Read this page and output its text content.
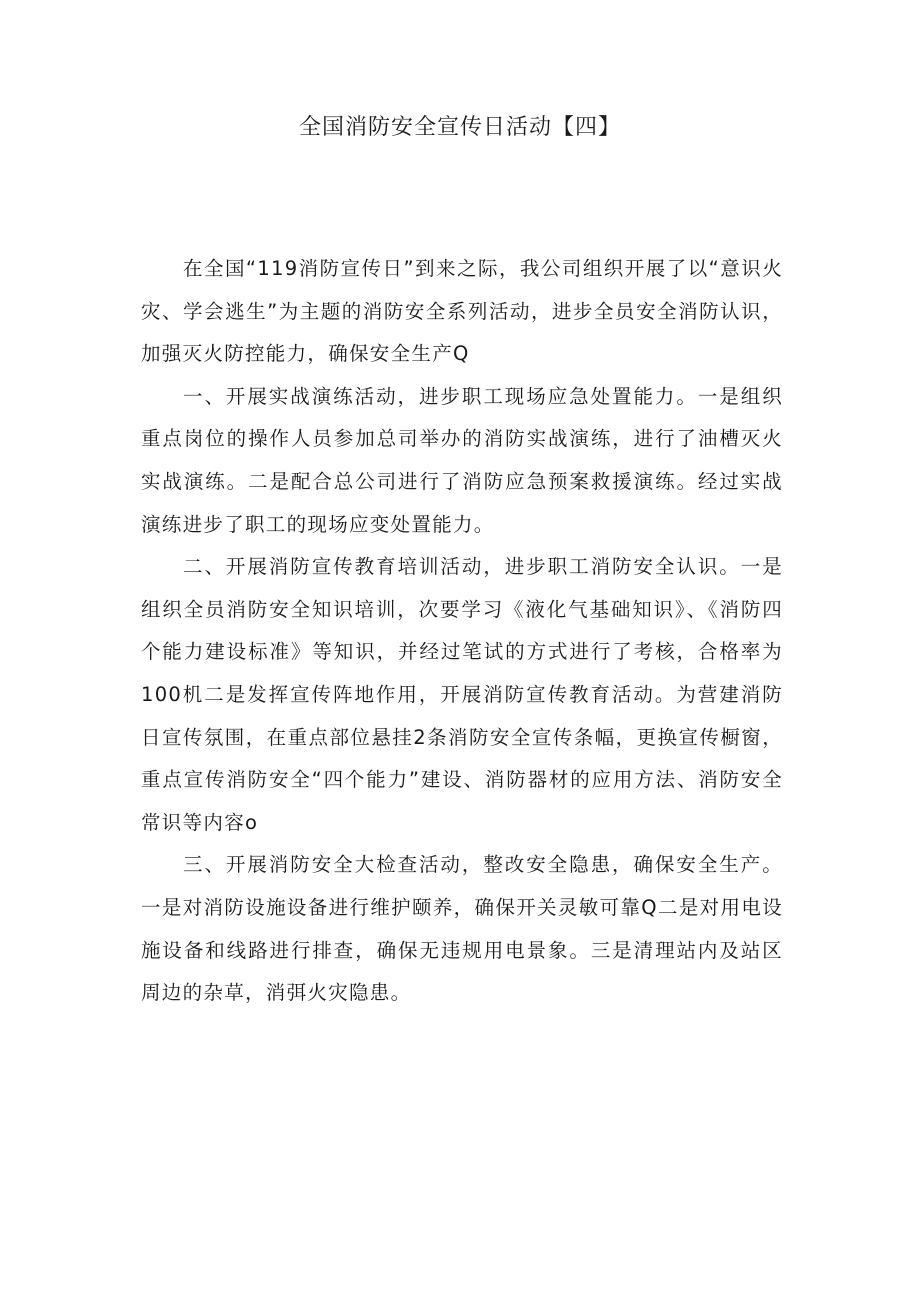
全国消防安全宣传日活动【四】

在全国“119消防宣传日”到来之际，我公司组织开展了以“意识火灾、学会逃生”为主题的消防安全系列活动，进步全员安全消防认识，加强灭火防控能力，确保安全生产Q

一、开展实战演练活动，进步职工现场应急处置能力。一是组织重点岗位的操作人员参加总司举办的消防实战演练，进行了油槽灭火实战演练。二是配合总公司进行了消防应急预案救援演练。经过实战演练进步了职工的现场应变处置能力。

二、开展消防宣传教育培训活动，进步职工消防安全认识。一是组织全员消防安全知识培训，次要学习《液化气基础知识》、《消防四个能力建设标准》等知识，并经过笔试的方式进行了考核，合格率为100机二是发挥宣传阵地作用，开展消防宣传教育活动。为营建消防日宣传氛围，在重点部位悬挂2条消防安全宣传条幅，更换宣传橱窗，重点宣传消防安全“四个能力”建设、消防器材的应用方法、消防安全常识等内容o

三、开展消防安全大检查活动，整改安全隐患，确保安全生产。一是对消防设施设备进行维护颐养，确保开关灵敏可靠Q二是对用电设施设备和线路进行排查，确保无违规用电景象。三是清理站内及站区周边的杂草，消弭火灾隐患。
